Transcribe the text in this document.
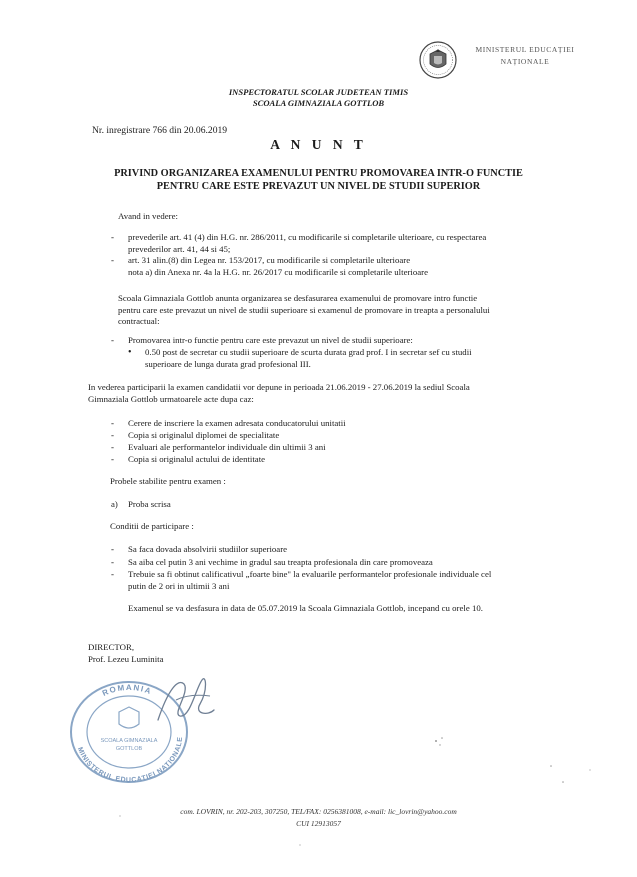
MINISTERUL EDUCAȚIEI
NAȚIONALE
INSPECTORATUL SCOLAR JUDETEAN TIMIS
SCOALA GIMNAZIALA GOTTLOB
Nr. inregistrare 766 din 20.06.2019
A N U N T
PRIVIND ORGANIZAREA EXAMENULUI PENTRU PROMOVAREA INTR-O FUNCTIE
PENTRU CARE ESTE PREVAZUT UN NIVEL DE STUDII SUPERIOR
Avand in vedere:
- prevederile art. 41 (4) din H.G. nr. 286/2011, cu modificarile si completarile ulterioare, cu respectarea
prevederilor art. 41, 44 si 45;
- art. 31 alin.(8) din Legea nr. 153/2017, cu modificarile si completarile ulterioare
nota a) din Anexa nr. 4a la H.G. nr. 26/2017 cu modificarile si completarile ulterioare
Scoala Gimnaziala Gottlob anunta organizarea se desfasurarea examenului de promovare intro functie
pentru care este prevazut un nivel de studii superioare si examenul de promovare in treapta a personalului
contractual:
- Promovarea intr-o functie pentru care este prevazut un nivel de studii superioare:
• 0.50 post de secretar cu studii superioare de scurta durata grad prof. I in secretar sef cu studii
superioare de lunga durata grad profesional III.
In vederea participarii la examen candidatii vor depune in perioada 21.06.2019 - 27.06.2019 la sediul Scoala
Gimnaziala Gottlob urmatoarele acte dupa caz:
- Cerere de inscriere la examen adresata conducatorului unitatii
- Copia si originalul diplomei de specialitate
- Evaluari ale performantelor individuale din ultimii 3 ani
- Copia si originalul actului de identitate
Probele stabilite pentru examen :
a) Proba scrisa
Conditii de participare :
- Sa faca dovada absolvirii studiilor superioare
- Sa aiba cel putin 3 ani vechime in gradul sau treapta profesionala din care promoveaza
- Trebuie sa fi obtinut calificativul „foarte bine" la evaluarile performantelor profesionale individuale cel
putin de 2 ori in ultimii 3 ani
Examenul se va desfasura in data de 05.07.2019 la Scoala Gimnaziala Gottlob, incepand cu orele 10.
DIRECTOR,
Prof. Lezeu Luminita
ROMANIA
MINISTERUL EDUCATIEI NATIONALE
SCOALA GIMNAZIALA
GOTTLOB
com. LOVRIN, nr. 202-203, 307250, TEL/FAX: 0256381008, e-mail: lic_lovrin@yahoo.com
CUI 12913057
